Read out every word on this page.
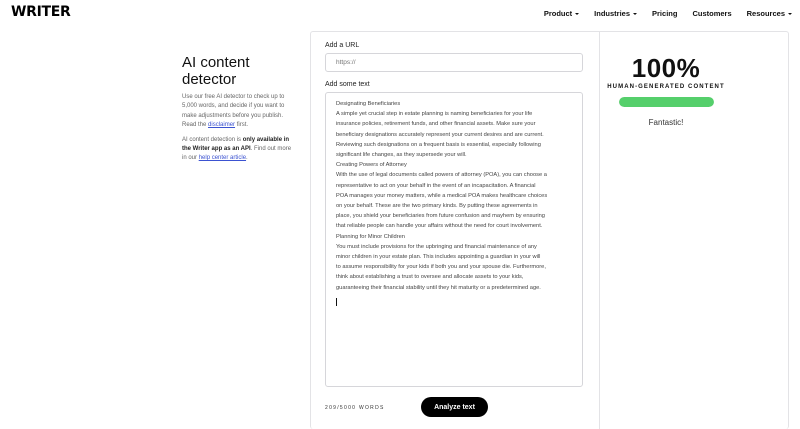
WRITER	Product	Industries	Pricing Customers Resources
AI content
detector

Use our free AI detector to check up to 5,000 words, and decide if you want to make adjustments before you publish. Read the disclaimer first.

AI content detection is only available in the Writer app as an API. Find out more in our help center article.

Add a URL
https://
Add some text
Designating Beneficiaries
A simple yet crucial step in estate planning is naming beneficiaries for your life
insurance policies, retirement funds, and other financial assets. Make sure your
beneficiary designations accurately represent your current desires and are current.
Reviewing such designations on a frequent basis is essential, especially following
significant life changes, as they supersede your will.
Creating Powers of Attorney
With the use of legal documents called powers of attorney (POA), you can choose a
representative to act on your behalf in the event of an incapacitation. A financial
POA manages your money matters, while a medical POA makes healthcare choices
on your behalf. These are the two primary kinds. By putting these agreements in
place, you shield your beneficiaries from future confusion and mayhem by ensuring
that reliable people can handle your affairs without the need for court involvement.
Planning for Minor Children
You must include provisions for the upbringing and financial maintenance of any
minor children in your estate plan. This includes appointing a guardian in your will
to assume responsibility for your kids if both you and your spouse die. Furthermore,
think about establishing a trust to oversee and allocate assets to your kids,
guaranteeing their financial stability until they hit maturity or a predetermined age.
209/5000 WORDS	Analyze text
100%
HUMAN-GENERATED CONTENT
Fantastic!
